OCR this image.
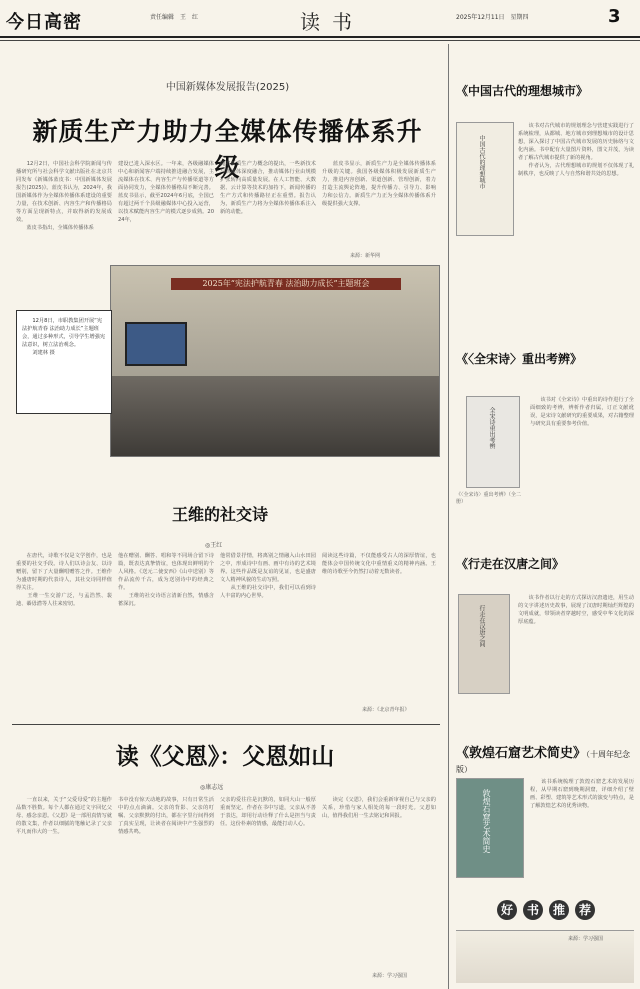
今日高密	责任编辑　王　红	读书	2025年12月11日　星期四	3
中国新媒体发展报告(2025)
新质生产力助力全媒体传播体系升级
　　12月2日，中国社会科学院新闻与传播研究所与社会科学文献出版社在北京共同发布《新媒体蓝皮书：中国新媒体发展报告(2025)》。蓝皮书认为，2024年，我国新媒体作为全媒体传播体系建设的重要力量，在技术创新、内容生产和传播格局等方面呈现新特点，并取得新的发展成效。
　　蓝皮书指出，全媒体传播体系
建设已进入深水区。一年来，各级融媒体中心和新闻客户端持续推进融合发展，主流媒体在技术、内容生产与传播渠道等方面协同发力，全媒体传播格局不断完善。蓝皮书显示，截至2024年6月底，全国已有超过两千个县级融媒体中心投入运营，以技术赋能内容生产的模式逐步成熟。2024年，
随着新质生产力概念的提出，一些新技术与新媒体深度融合，推动媒体行业由规模扩张转向高质量发展。在人工智能、大数据、云计算等技术的加持下，新闻传播的生产方式和传播路径正在重塑。报告认为，新质生产力将为全媒体传播体系注入新的动能。
　　蓝皮书显示，新质生产力是全媒体传播体系升级的关键。我国各级媒体积极发展新质生产力，推进内容创新、渠道创新、管理创新，着力打造主流舆论阵地，提升传播力、引导力、影响力和公信力。新质生产力正为全媒体传播体系升级提供强大支撑。
来源：新华网
2025年“宪法护航青春 法治助力成长”主题班会
　　12月8日，市职教集团开展“宪法护航青春 法治助力成长”主题班会，通过多种形式，引导学生增强宪法意识，树立法治观念。
　　刘建林 摄
王维的社交诗
◎王红
　　在唐代，诗歌不仅是文学创作，也是重要的社交手段。诗人们以诗会友、以诗赠别，留下了大量酬唱赠答之作。王维作为盛唐时期的代表诗人，其社交诗同样值得关注。
　　王维一生交游广泛，与孟浩然、裴迪、綦毋潜等人往来密切。
他在赠别、酬答、唱和等不同场合留下诗篇，既表达真挚情谊，也体现出鲜明的个人风格。《送元二使安西》《山中送别》等作品流传千古，成为送别诗中的经典之作。
　　王维的社交诗语言清新自然，情感含蓄深沉。
他常借景抒情，将离别之情融入山水田园之中，形成诗中有画、画中有诗的艺术境界。这些作品既是友谊的见证，也是盛唐文人精神风貌的生动写照。
　　从王维的社交诗中，我们可以看到诗人丰富的内心世界。
阅读这些诗篇，不仅能感受古人的深厚情谊，也能体会中国传统文化中重情重义的精神内涵。王维的诗歌至今仍然打动着无数读者。
来源：《北京青年报》
读《父恩》：父恩如山
◎康志远
　　一直以来，关于“父爱母爱”的主题作品数不胜数。每个人都在通过文字回忆父母、感念亲恩。《父恩》是一部用真情写就的散文集，作者以细腻的笔触记录了父亲平凡而伟大的一生。
书中没有惊天动地的故事，只有日常生活中的点点滴滴。父亲的背影、父亲的叮嘱、父亲默默的付出，都在字里行间得到了真实呈现，让读者在阅读中产生强烈的情感共鸣。
父亲的爱往往是沉默的，如同大山一般厚重而坚定。作者在书中写道，父亲从不善于表达，却用行动诠释了什么是担当与责任。这份朴素的情感，最能打动人心。
　　读完《父恩》，我们会重新审视自己与父亲的关系，珍惜与家人相处的每一段时光。父恩如山，值得我们用一生去铭记和回报。
来源：学习强国
《中国古代的理想城市》
中国古代的理想城市
　　该书对古代城市的规划理念与营建实践进行了系统梳理，从都城、地方城市到理想城市的设计思想，深入探讨了中国古代城市发展的历史脉络与文化内涵。书中配有大量图片资料，图文并茂，为读者了解古代城市提供了新的视角。
　　作者认为，古代理想城市的规划不仅体现了礼制秩序，也反映了人与自然和谐共处的思想。
《〈全宋诗〉重出考辨》
全宋诗重出考辨
《〈全宋诗〉重出考辨》（全二册）
　　该书对《全宋诗》中重出的诗作进行了全面细致的考辨，辨析作者归属，订正文献讹误，是宋诗文献研究的重要成果，对古籍整理与研究具有重要参考价值。
《行走在汉唐之间》
行走在汉唐之间
　　该书作者以行走的方式探访汉唐遗迹，用生动的文字讲述历史故事，展现了汉唐时期灿烂辉煌的文明成就，带领读者穿越时空，感受中华文化的深厚底蕴。
《敦煌石窟艺术简史》（十周年纪念版）
敦煌石窟艺术简史
　　该书系统梳理了敦煌石窟艺术的发展历程，从早期石窟到晚期洞窟，详细介绍了壁画、彩塑、建筑等艺术形式的演变与特点，是了解敦煌艺术的优秀读物。
好	书	推	荐
来源：学习强国
